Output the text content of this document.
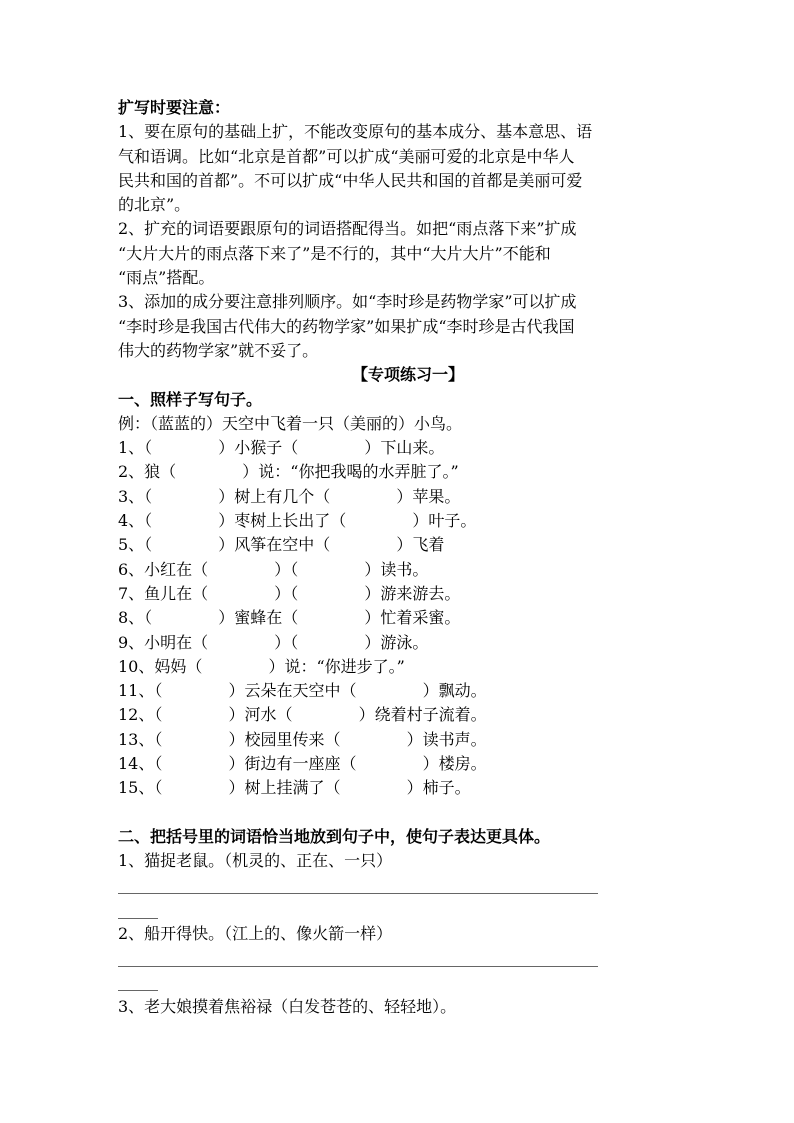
扩写时要注意：
1、要在原句的基础上扩，不能改变原句的基本成分、基本意思、语
气和语调。比如“北京是首都”可以扩成“美丽可爱的北京是中华人
民共和国的首都”。不可以扩成“中华人民共和国的首都是美丽可爱
的北京”。
2、扩充的词语要跟原句的词语搭配得当。如把“雨点落下来”扩成
“大片大片的雨点落下来了”是不行的，其中“大片大片”不能和
“雨点”搭配。
3、添加的成分要注意排列顺序。如“李时珍是药物学家”可以扩成
“李时珍是我国古代伟大的药物学家”如果扩成“李时珍是古代我国
伟大的药物学家”就不妥了。
【专项练习一】
一、照样子写句子。
例：（蓝蓝的）天空中飞着一只（美丽的）小鸟。
1、（             ）小猴子（             ）下山来。
2、狼（             ）说：“你把我喝的水弄脏了。”
3、（             ）树上有几个（             ）苹果。
4、（             ）枣树上长出了（             ）叶子。
5、（             ）风筝在空中（             ）飞着
6、小红在（             ）（             ）读书。
7、鱼儿在（             ）（             ）游来游去。
8、（             ）蜜蜂在（             ）忙着采蜜。
9、小明在（             ）（             ）游泳。
10、妈妈（             ）说：“你进步了。”
11、（             ）云朵在天空中（             ）飘动。
12、（             ）河水（             ）绕着村子流着。
13、（             ）校园里传来（             ）读书声。
14、（             ）街边有一座座（             ）楼房。
15、（             ）树上挂满了（             ）柿子。
二、把括号里的词语恰当地放到句子中，使句子表达更具体。
1、猫捉老鼠。（机灵的、正在、一只）
____________________________________________________________
_____
2、船开得快。（江上的、像火箭一样）
____________________________________________________________
_____
3、老大娘摸着焦裕禄（白发苍苍的、轻轻地）。
